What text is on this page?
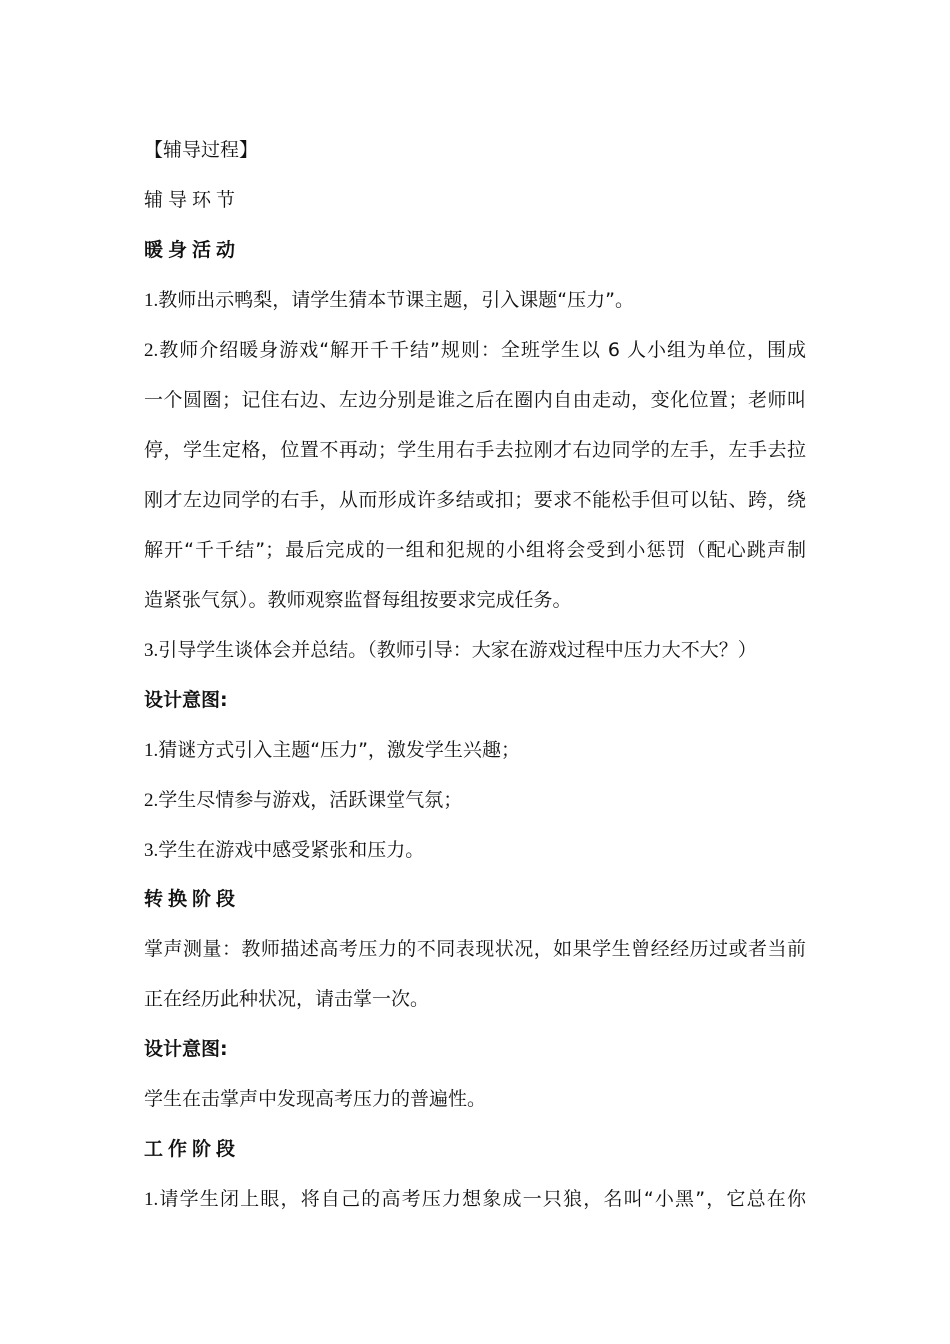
【辅导过程】
辅导环节
暖身活动
1.教师出示鸭梨，请学生猜本节课主题，引入课题“压力”。
2.教师介绍暖身游戏“解开千千结”规则：全班学生以 6 人小组为单位，围成
一个圆圈；记住右边、左边分别是谁之后在圈内自由走动，变化位置；老师叫
停，学生定格，位置不再动；学生用右手去拉刚才右边同学的左手，左手去拉
刚才左边同学的右手，从而形成许多结或扣；要求不能松手但可以钻、跨，绕
解开“千千结”；最后完成的一组和犯规的小组将会受到小惩罚（配心跳声制
造紧张气氛）。教师观察监督每组按要求完成任务。
3.引导学生谈体会并总结。（教师引导：大家在游戏过程中压力大不大？）
设计意图:
1.猜谜方式引入主题“压力”，激发学生兴趣；
2.学生尽情参与游戏，活跃课堂气氛；
3.学生在游戏中感受紧张和压力。
转换阶段
掌声测量：教师描述高考压力的不同表现状况，如果学生曾经经历过或者当前
正在经历此种状况，请击掌一次。
设计意图:
学生在击掌声中发现高考压力的普遍性。
工作阶段
1.请学生闭上眼，将自己的高考压力想象成一只狼，名叫“小黑”，它总在你
